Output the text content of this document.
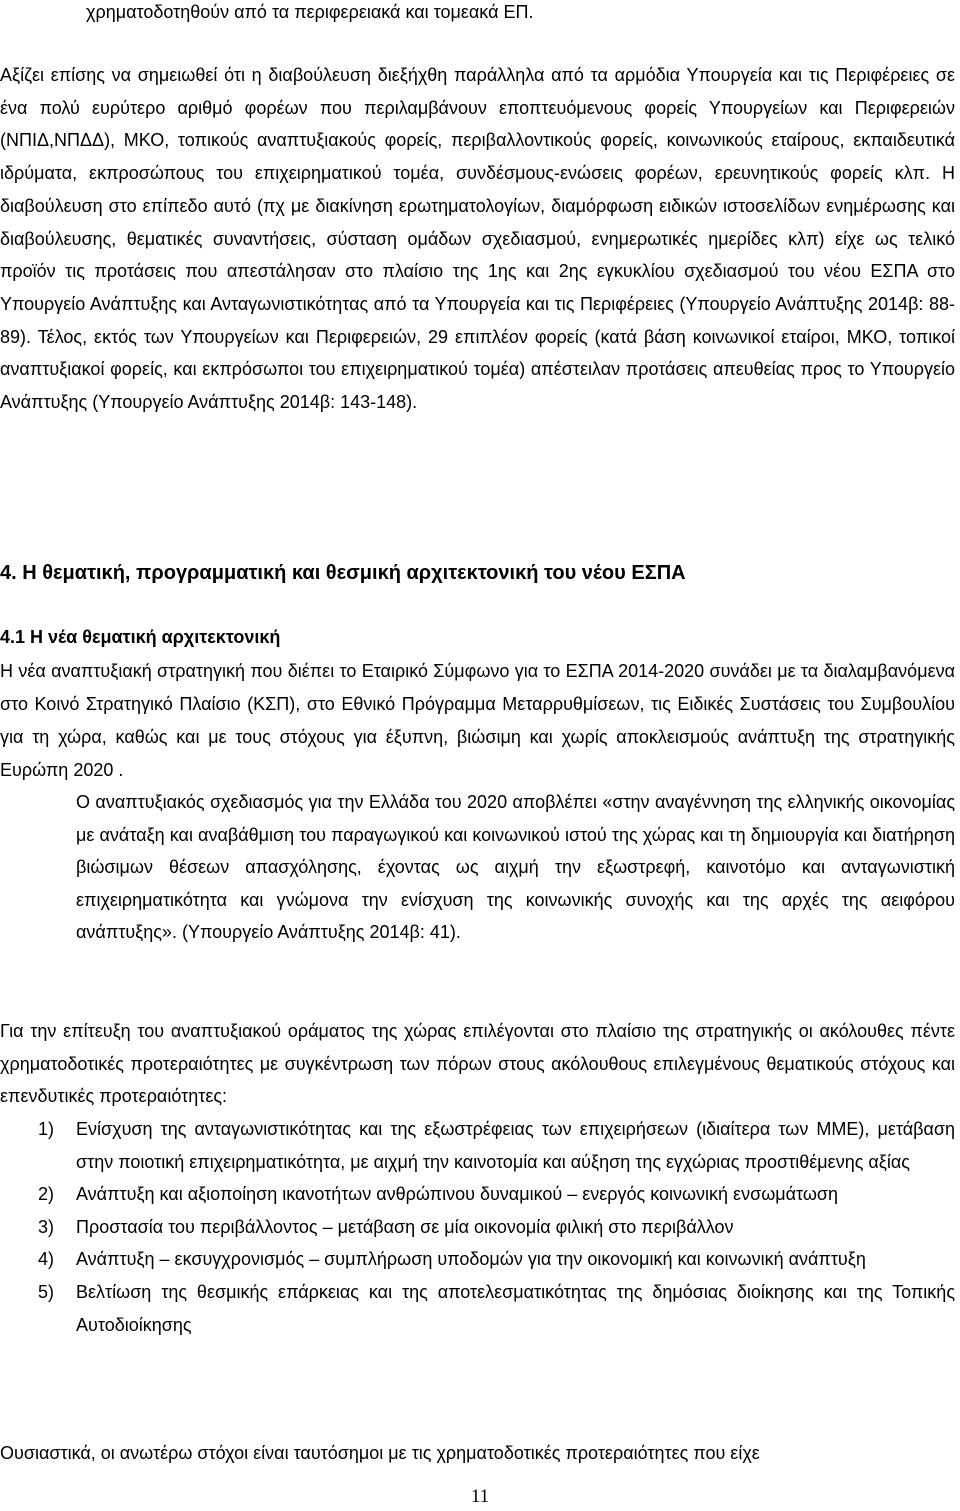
χρηματοδοτηθούν από τα περιφερειακά και τομεακά ΕΠ.

Αξίζει επίσης να σημειωθεί ότι η διαβούλευση διεξήχθη παράλληλα από τα αρμόδια Υπουργεία και τις Περιφέρειες σε ένα πολύ ευρύτερο αριθμό φορέων που περιλαμβάνουν εποπτευόμενους φορείς Υπουργείων και Περιφερειών (ΝΠΙΔ,ΝΠΔΔ), ΜΚΟ, τοπικούς αναπτυξιακούς φορείς, περιβαλλοντικούς φορείς, κοινωνικούς εταίρους, εκπαιδευτικά ιδρύματα, εκπροσώπους του επιχειρηματικού τομέα, συνδέσμους-ενώσεις φορέων, ερευνητικούς φορείς κλπ. Η διαβούλευση στο επίπεδο αυτό (πχ με διακίνηση ερωτηματολογίων, διαμόρφωση ειδικών ιστοσελίδων ενημέρωσης και διαβούλευσης, θεματικές συναντήσεις, σύσταση ομάδων σχεδιασμού, ενημερωτικές ημερίδες κλπ) είχε ως τελικό προϊόν τις προτάσεις που απεστάλησαν στο πλαίσιο της 1ης και 2ης εγκυκλίου σχεδιασμού του νέου ΕΣΠΑ στο Υπουργείο Ανάπτυξης και Ανταγωνιστικότητας από τα Υπουργεία και τις Περιφέρειες (Υπουργείο Ανάπτυξης 2014β: 88-89). Τέλος, εκτός των Υπουργείων και Περιφερειών, 29 επιπλέον φορείς (κατά βάση κοινωνικοί εταίροι, ΜΚΟ, τοπικοί αναπτυξιακοί φορείς, και εκπρόσωποι του επιχειρηματικού τομέα) απέστειλαν προτάσεις απευθείας προς το Υπουργείο Ανάπτυξης (Υπουργείο Ανάπτυξης 2014β: 143-148).

4. Η θεματική, προγραμματική και θεσμική αρχιτεκτονική του νέου ΕΣΠΑ
4.1 Η νέα θεματική αρχιτεκτονική

Η νέα αναπτυξιακή στρατηγική που διέπει το Εταιρικό Σύμφωνο για το ΕΣΠΑ 2014-2020 συνάδει με τα διαλαμβανόμενα στο Κοινό Στρατηγικό Πλαίσιο (ΚΣΠ), στο Εθνικό Πρόγραμμα Μεταρρυθμίσεων, τις Ειδικές Συστάσεις του Συμβουλίου για τη χώρα, καθώς και με τους στόχους για έξυπνη, βιώσιμη και χωρίς αποκλεισμούς ανάπτυξη της στρατηγικής Ευρώπη 2020 .

Ο αναπτυξιακός σχεδιασμός για την Ελλάδα του 2020 αποβλέπει «στην αναγέννηση της ελληνικής οικονομίας με ανάταξη και αναβάθμιση του παραγωγικού και κοινωνικού ιστού της χώρας και τη δημιουργία και διατήρηση βιώσιμων θέσεων απασχόλησης, έχοντας ως αιχμή την εξωστρεφή, καινοτόμο και ανταγωνιστική επιχειρηματικότητα και γνώμονα την ενίσχυση της κοινωνικής συνοχής και της αρχές της αειφόρου ανάπτυξης». (Υπουργείο Ανάπτυξης 2014β: 41).

Για την επίτευξη του αναπτυξιακού οράματος της χώρας επιλέγονται στο πλαίσιο της στρατηγικής οι ακόλουθες πέντε χρηματοδοτικές προτεραιότητες με συγκέντρωση των πόρων στους ακόλουθους επιλεγμένους θεματικούς στόχους και επενδυτικές προτεραιότητες:

1) Ενίσχυση της ανταγωνιστικότητας και της εξωστρέφειας των επιχειρήσεων (ιδιαίτερα των ΜΜΕ), μετάβαση στην ποιοτική επιχειρηματικότητα, με αιχμή την καινοτομία και αύξηση της εγχώριας προστιθέμενης αξίας
2) Ανάπτυξη και αξιοποίηση ικανοτήτων ανθρώπινου δυναμικού – ενεργός κοινωνική ενσωμάτωση
3) Προστασία του περιβάλλοντος – μετάβαση σε μία οικονομία φιλική στο περιβάλλον
4) Ανάπτυξη – εκσυγχρονισμός – συμπλήρωση υποδομών για την οικονομική και κοινωνική ανάπτυξη
5) Βελτίωση της θεσμικής επάρκειας και της αποτελεσματικότητας της δημόσιας διοίκησης και της Τοπικής Αυτοδιοίκησης

Ουσιαστικά, οι ανωτέρω στόχοι είναι ταυτόσημοι με τις χρηματοδοτικές προτεραιότητες που είχε

11
